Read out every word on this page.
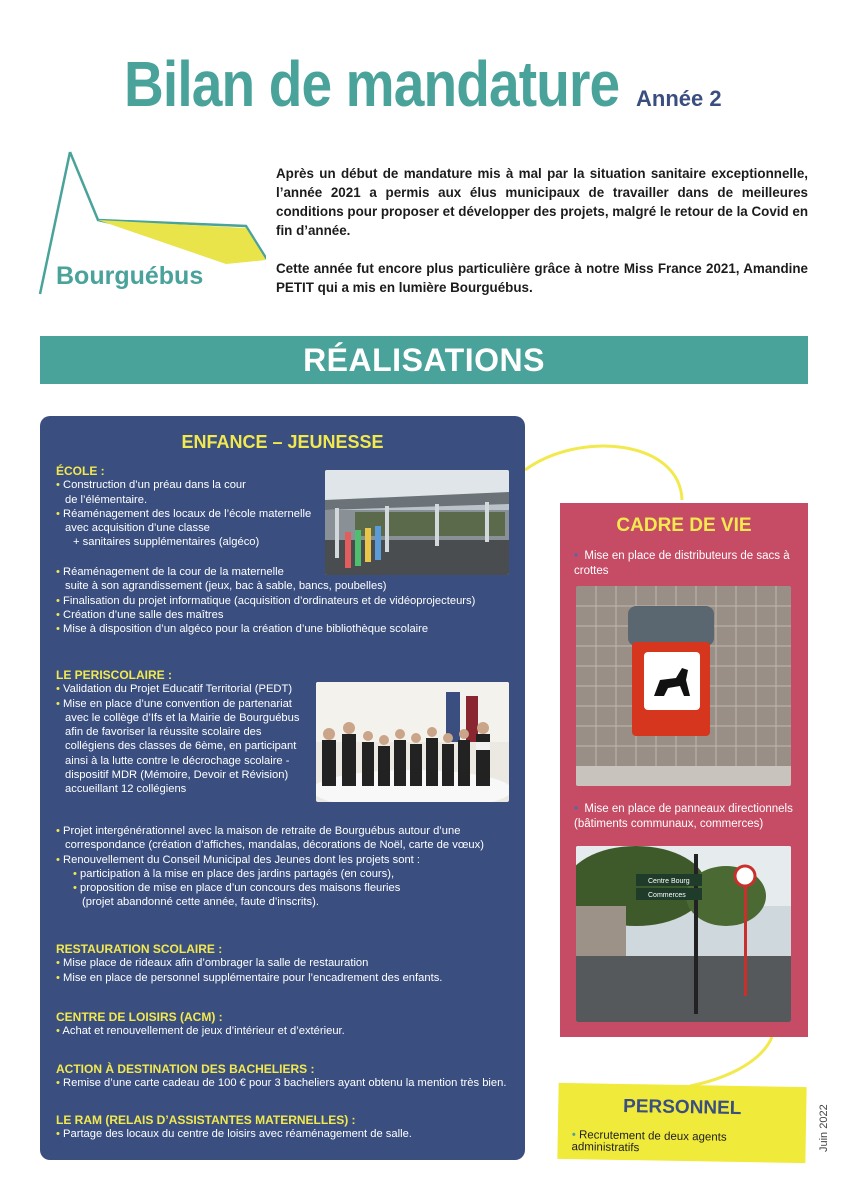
Bilan de mandature Année 2
Bourguébus

Après un début de mandature mis à mal par la situation sanitaire exceptionnelle, l’année 2021 a permis aux élus municipaux de travailler dans de meilleures conditions pour proposer et développer des projets, malgré le retour de la Covid en fin d’année.

Cette année fut encore plus particulière grâce à notre Miss France 2021, Amandine PETIT qui a mis en lumière Bourguébus.

RÉALISATIONS
ENFANCE – JEUNESSE
ÉCOLE :
• Construction d’un préau dans la cour
de l’élémentaire.
• Réaménagement des locaux de l’école maternelle
avec acquisition d’une classe
+ sanitaires supplémentaires (algéco)
• Réaménagement de la cour de la maternelle
suite à son agrandissement (jeux, bac à sable, bancs, poubelles)
• Finalisation du projet informatique (acquisition d’ordinateurs et de vidéoprojecteurs)
• Création d’une salle des maîtres
• Mise à disposition d’un algéco pour la création d’une bibliothèque scolaire
LE PERISCOLAIRE :
• Validation du Projet Educatif Territorial (PEDT)
• Mise en place d’une convention de partenariat
avec le collège d’Ifs et la Mairie de Bourguébus
afin de favoriser la réussite scolaire des
collégiens des classes de 6ème, en participant
ainsi à la lutte contre le décrochage scolaire -
dispositif MDR (Mémoire, Devoir et Révision)
accueillant 12 collégiens
• Projet intergénérationnel avec la maison de retraite de Bourguébus autour d’une
correspondance (création d’affiches, mandalas, décorations de Noël, carte de vœux)
• Renouvellement du Conseil Municipal des Jeunes dont les projets sont :
• participation à la mise en place des jardins partagés (en cours),
• proposition de mise en place d’un concours des maisons fleuries
(projet abandonné cette année, faute d’inscrits).
RESTAURATION SCOLAIRE :
• Mise place de rideaux afin d’ombrager la salle de restauration
• Mise en place de personnel supplémentaire pour l’encadrement des enfants.
CENTRE DE LOISIRS (ACM) :
• Achat et renouvellement de jeux d’intérieur et d’extérieur.
ACTION À DESTINATION DES BACHELIERS :
• Remise d’une carte cadeau de 100 € pour 3 bacheliers ayant obtenu la mention très bien.
LE RAM (RELAIS D’ASSISTANTES MATERNELLES) :
• Partage des locaux du centre de loisirs avec réaménagement de salle.
CADRE DE VIE
• Mise en place de distributeurs de sacs à crottes
• Mise en place de panneaux directionnels (bâtiments communaux, commerces)
Centre Bourg
Commerces
PERSONNEL
• Recrutement de deux agents administratifs	Juin 2022
